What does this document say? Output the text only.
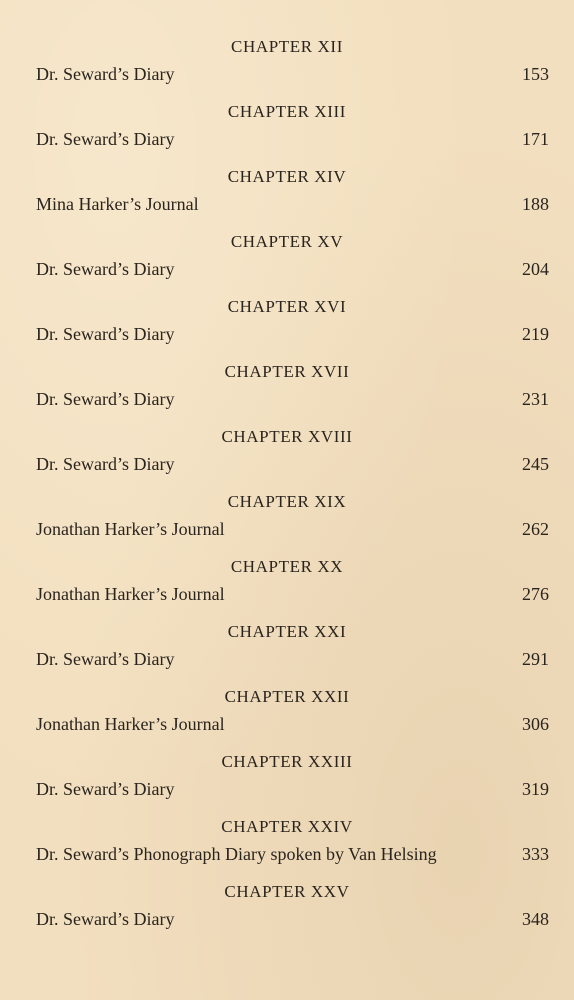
CHAPTER XII
Dr. Seward’s Diary	153
CHAPTER XIII
Dr. Seward’s Diary	171
CHAPTER XIV
Mina Harker’s Journal	188
CHAPTER XV
Dr. Seward’s Diary	204
CHAPTER XVI
Dr. Seward’s Diary	219
CHAPTER XVII
Dr. Seward’s Diary	231
CHAPTER XVIII
Dr. Seward’s Diary	245
CHAPTER XIX
Jonathan Harker’s Journal	262
CHAPTER XX
Jonathan Harker’s Journal	276
CHAPTER XXI
Dr. Seward’s Diary	291
CHAPTER XXII
Jonathan Harker’s Journal	306
CHAPTER XXIII
Dr. Seward’s Diary	319
CHAPTER XXIV
Dr. Seward’s Phonograph Diary spoken by Van Helsing	333
CHAPTER XXV
Dr. Seward’s Diary	348
